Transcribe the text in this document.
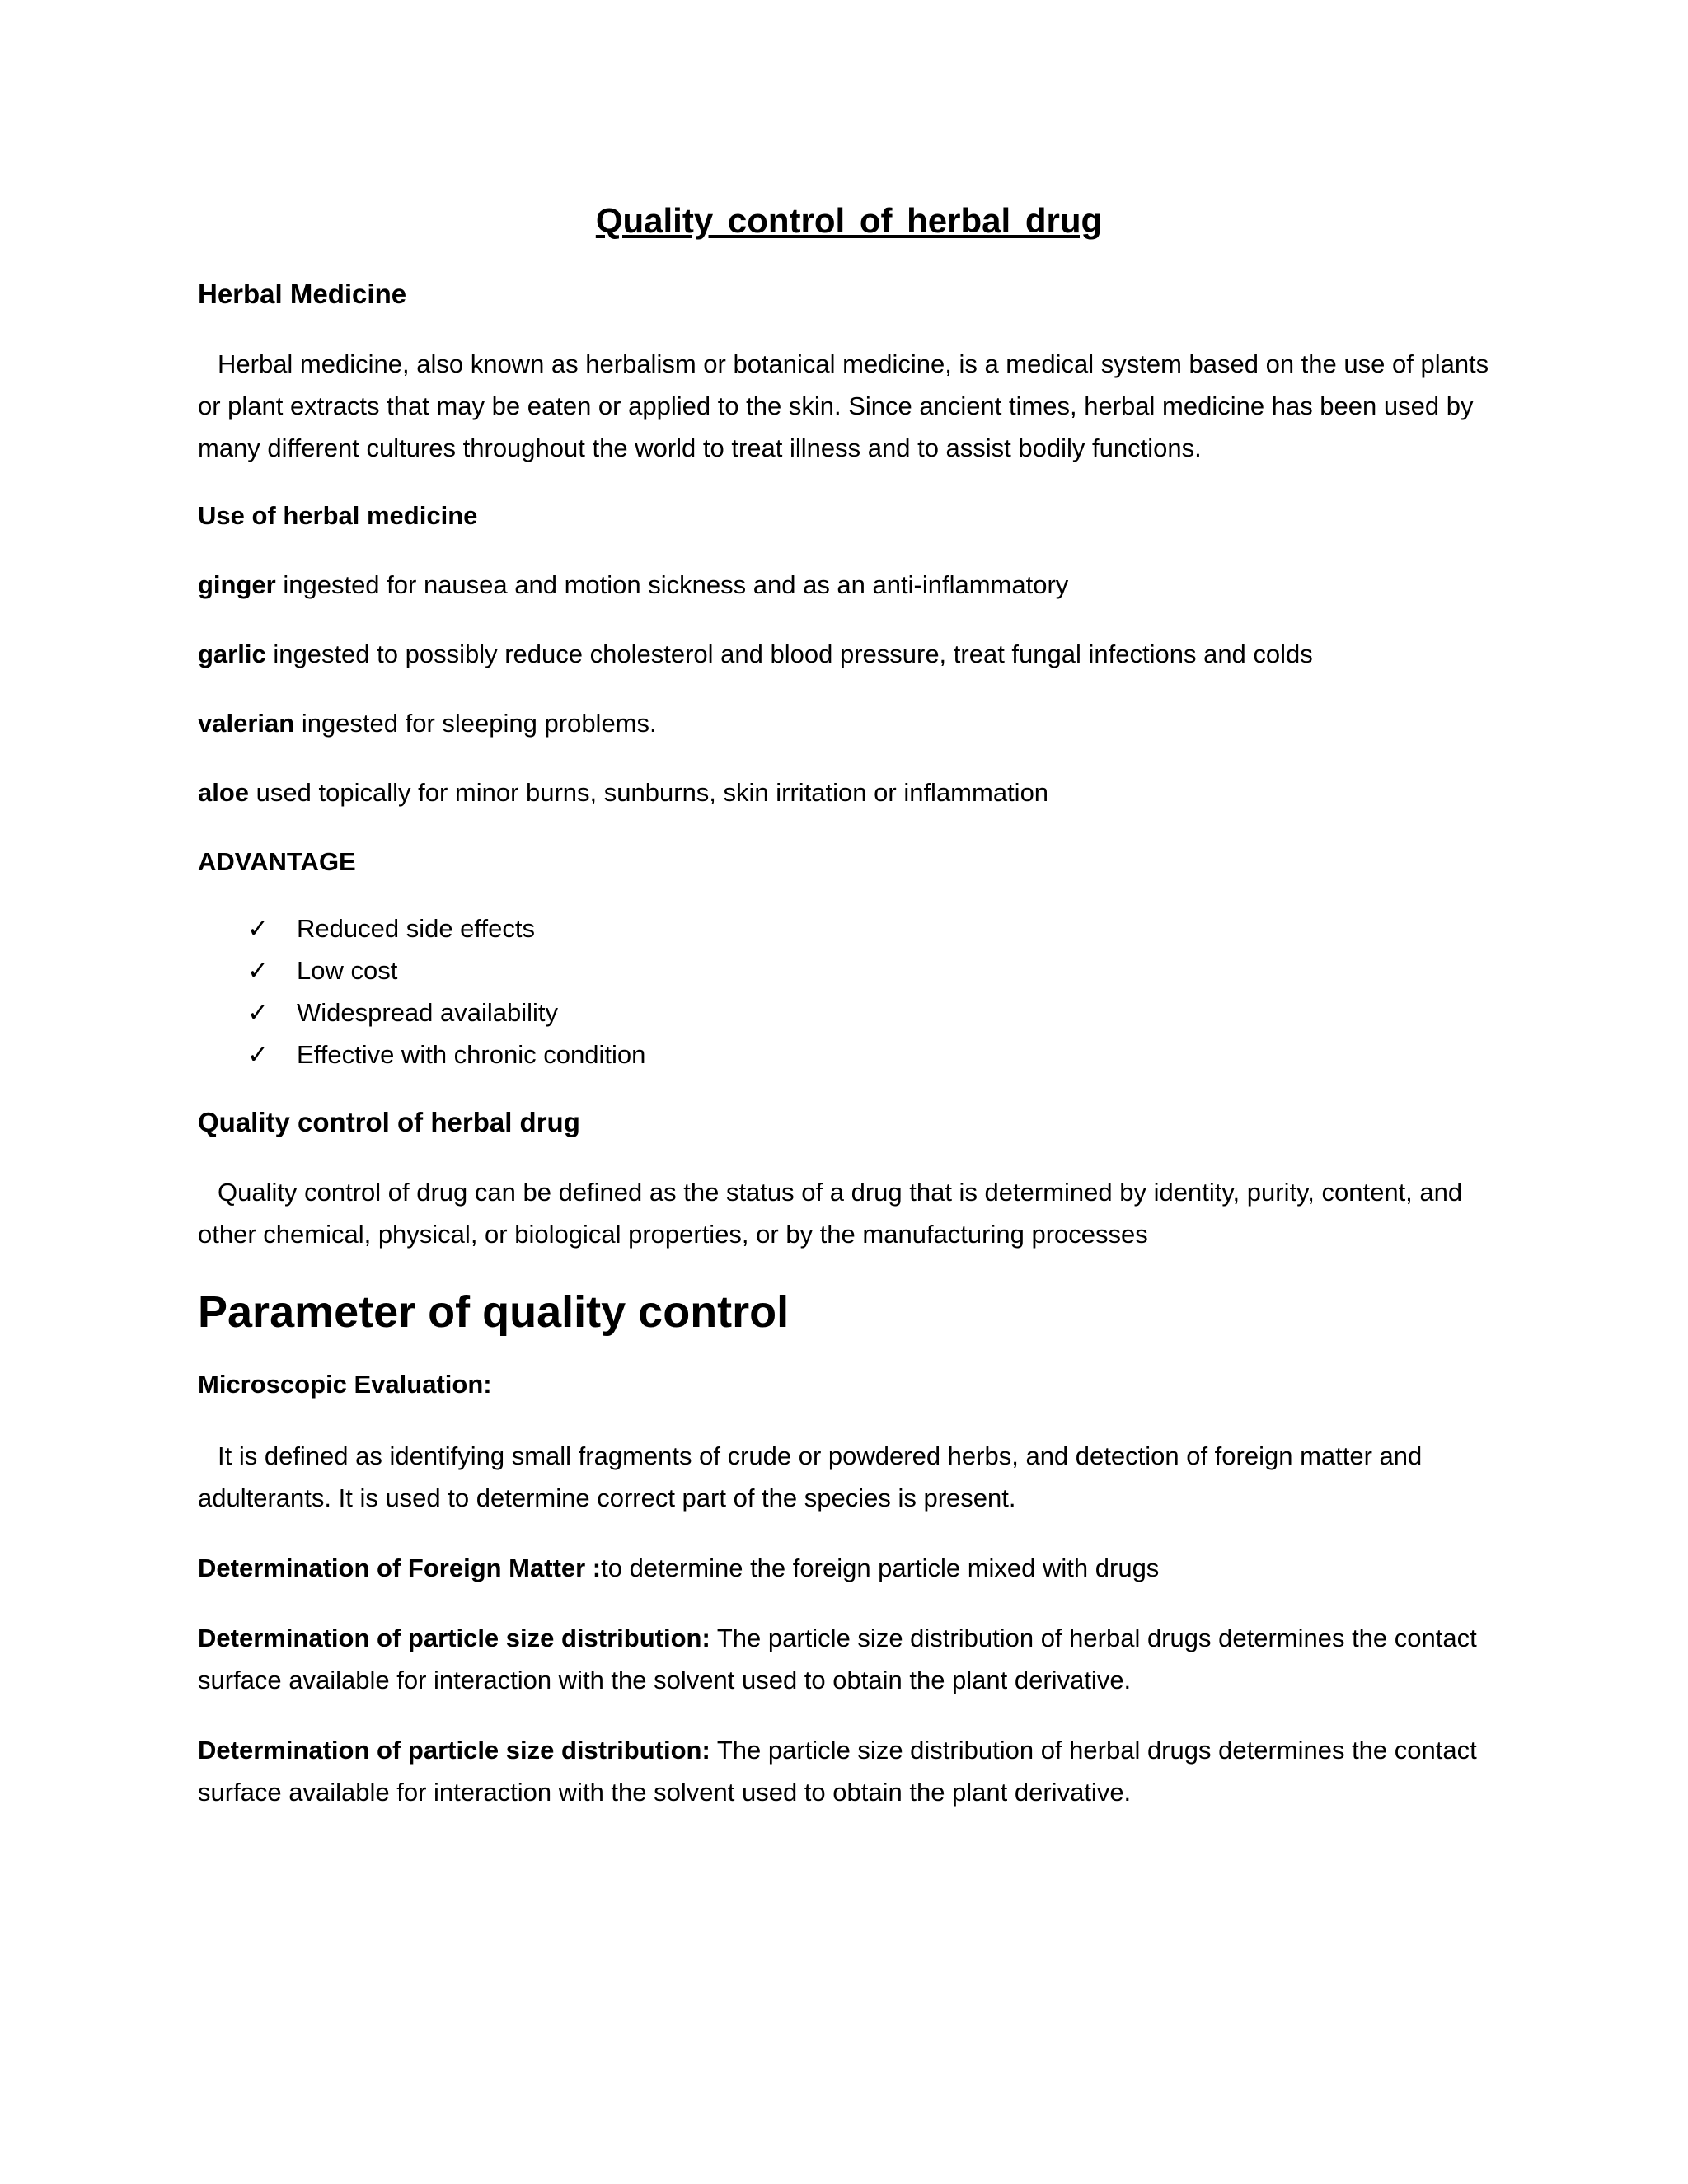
Quality control of herbal drug
Herbal Medicine
Herbal medicine, also known as herbalism or botanical medicine, is a medical system based on the use of plants or plant extracts that may be eaten or applied to the skin. Since ancient times, herbal medicine has been used by many different cultures throughout the world to treat illness and to assist bodily functions.
Use of herbal medicine
ginger ingested for nausea and motion sickness and as an anti-inflammatory
garlic ingested to possibly reduce cholesterol and blood pressure, treat fungal infections and colds
valerian ingested for sleeping problems.
aloe used topically for minor burns, sunburns, skin irritation or inflammation
ADVANTAGE
✓	Reduced side effects
✓	Low cost
✓	Widespread availability
✓	Effective with chronic condition
Quality control of herbal drug
Quality control of drug can be defined as the status of a drug that is determined by identity, purity, content, and other chemical, physical, or biological properties, or by the manufacturing processes
Parameter of quality control
Microscopic Evaluation:
It is defined as identifying small fragments of crude or powdered herbs, and detection of foreign matter and adulterants. It is used to determine correct part of the species is present.
Determination of Foreign Matter :to determine the foreign particle mixed with drugs
Determination of particle size distribution: The particle size distribution of herbal drugs determines the contact surface available for interaction with the solvent used to obtain the plant derivative.
Determination of particle size distribution: The particle size distribution of herbal drugs determines the contact surface available for interaction with the solvent used to obtain the plant derivative.
